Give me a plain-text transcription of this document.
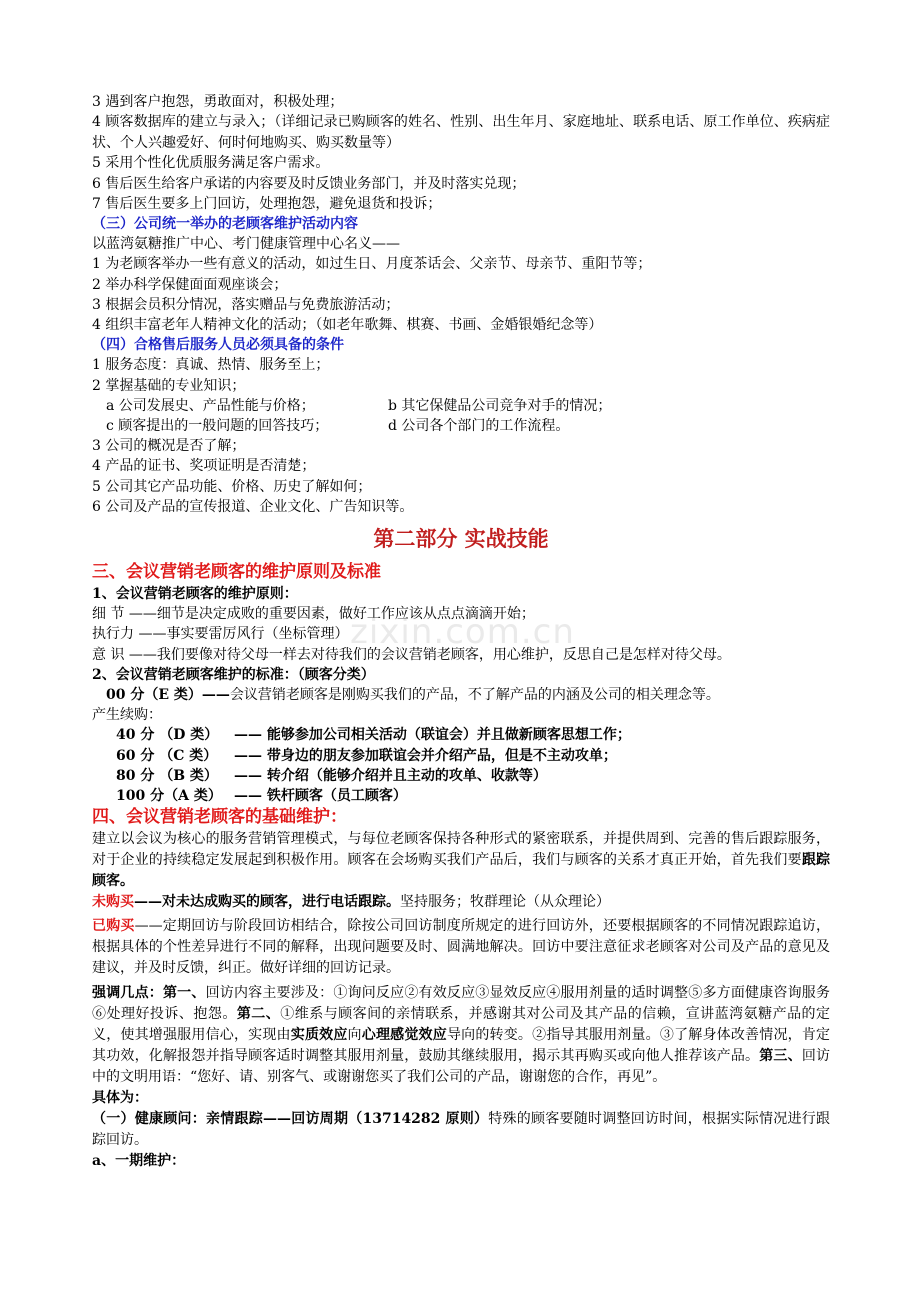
3 遇到客户抱怨，勇敢面对，积极处理；
4 顾客数据库的建立与录入；（详细记录已购顾客的姓名、性别、出生年月、家庭地址、联系电话、原工作单位、疾病症状、个人兴趣爱好、何时何地购买、购买数量等）
5 采用个性化优质服务满足客户需求。
6 售后医生给客户承诺的内容要及时反馈业务部门，并及时落实兑现；
7 售后医生要多上门回访，处理抱怨，避免退货和投诉；
（三）公司统一举办的老顾客维护活动内容
以蓝湾氨糖推广中心、考门健康管理中心名义——
1 为老顾客举办一些有意义的活动，如过生日、月度茶话会、父亲节、母亲节、重阳节等；
2 举办科学保健面面观座谈会；
3 根据会员积分情况，落实赠品与免费旅游活动；
4 组织丰富老年人精神文化的活动；（如老年歌舞、棋赛、书画、金婚银婚纪念等）
（四）合格售后服务人员必须具备的条件
1 服务态度：真诚、热情、服务至上；
2 掌握基础的专业知识；
a 公司发展史、产品性能与价格；	b 其它保健品公司竞争对手的情况；
c 顾客提出的一般问题的回答技巧；	d 公司各个部门的工作流程。
3 公司的概况是否了解；
4 产品的证书、奖项证明是否清楚；
5 公司其它产品功能、价格、历史了解如何；
6 公司及产品的宣传报道、企业文化、广告知识等。
第二部分 实战技能
三、会议营销老顾客的维护原则及标准
1、会议营销老顾客的维护原则：
细 节 ——细节是决定成败的重要因素，做好工作应该从点点滴滴开始；
执行力 ——事实要雷厉风行（坐标管理）
意 识 ——我们要像对待父母一样去对待我们的会议营销老顾客，用心维护，反思自己是怎样对待父母。
2、会议营销老顾客维护的标准：（顾客分类）
00 分（E 类）——会议营销老顾客是刚购买我们的产品，不了解产品的内涵及公司的相关理念等。
产生续购：
40 分 （D 类） —— 能够参加公司相关活动（联谊会）并且做新顾客思想工作；
60 分 （C 类） —— 带身边的朋友参加联谊会并介绍产品，但是不主动攻单；
80 分 （B 类） —— 转介绍（能够介绍并且主动的攻单、收款等）
100 分（A 类） —— 铁杆顾客（员工顾客）
四、会议营销老顾客的基础维护：
建立以会议为核心的服务营销管理模式，与每位老顾客保持各种形式的紧密联系，并提供周到、完善的售后跟踪服务，对于企业的持续稳定发展起到积极作用。顾客在会场购买我们产品后，我们与顾客的关系才真正开始，首先我们要跟踪顾客。
未购买——对未达成购买的顾客，进行电话跟踪。坚持服务；牧群理论（从众理论）
已购买——定期回访与阶段回访相结合，除按公司回访制度所规定的进行回访外，还要根据顾客的不同情况跟踪追访，根据具体的个性差异进行不同的解释，出现问题要及时、圆满地解决。回访中要注意征求老顾客对公司及产品的意见及建议，并及时反馈，纠正。做好详细的回访记录。
强调几点：第一、回访内容主要涉及：①询问反应②有效反应③显效反应④服用剂量的适时调整⑤多方面健康咨询服务⑥处理好投诉、抱怨。第二、①维系与顾客间的亲情联系，并感谢其对公司及其产品的信赖，宣讲蓝湾氨糖产品的定义，使其增强服用信心，实现由实质效应向心理感觉效应导向的转变。②指导其服用剂量。③了解身体改善情况，肯定其功效，化解报怨并指导顾客适时调整其服用剂量，鼓励其继续服用，揭示其再购买或向他人推荐该产品。第三、回访中的文明用语：“您好、请、别客气、或谢谢您买了我们公司的产品，谢谢您的合作，再见”。
具体为：
（一）健康顾问：亲情跟踪——回访周期（13714282 原则）特殊的顾客要随时调整回访时间，根据实际情况进行跟踪回访。
a、一期维护：
zixin.com.cn
